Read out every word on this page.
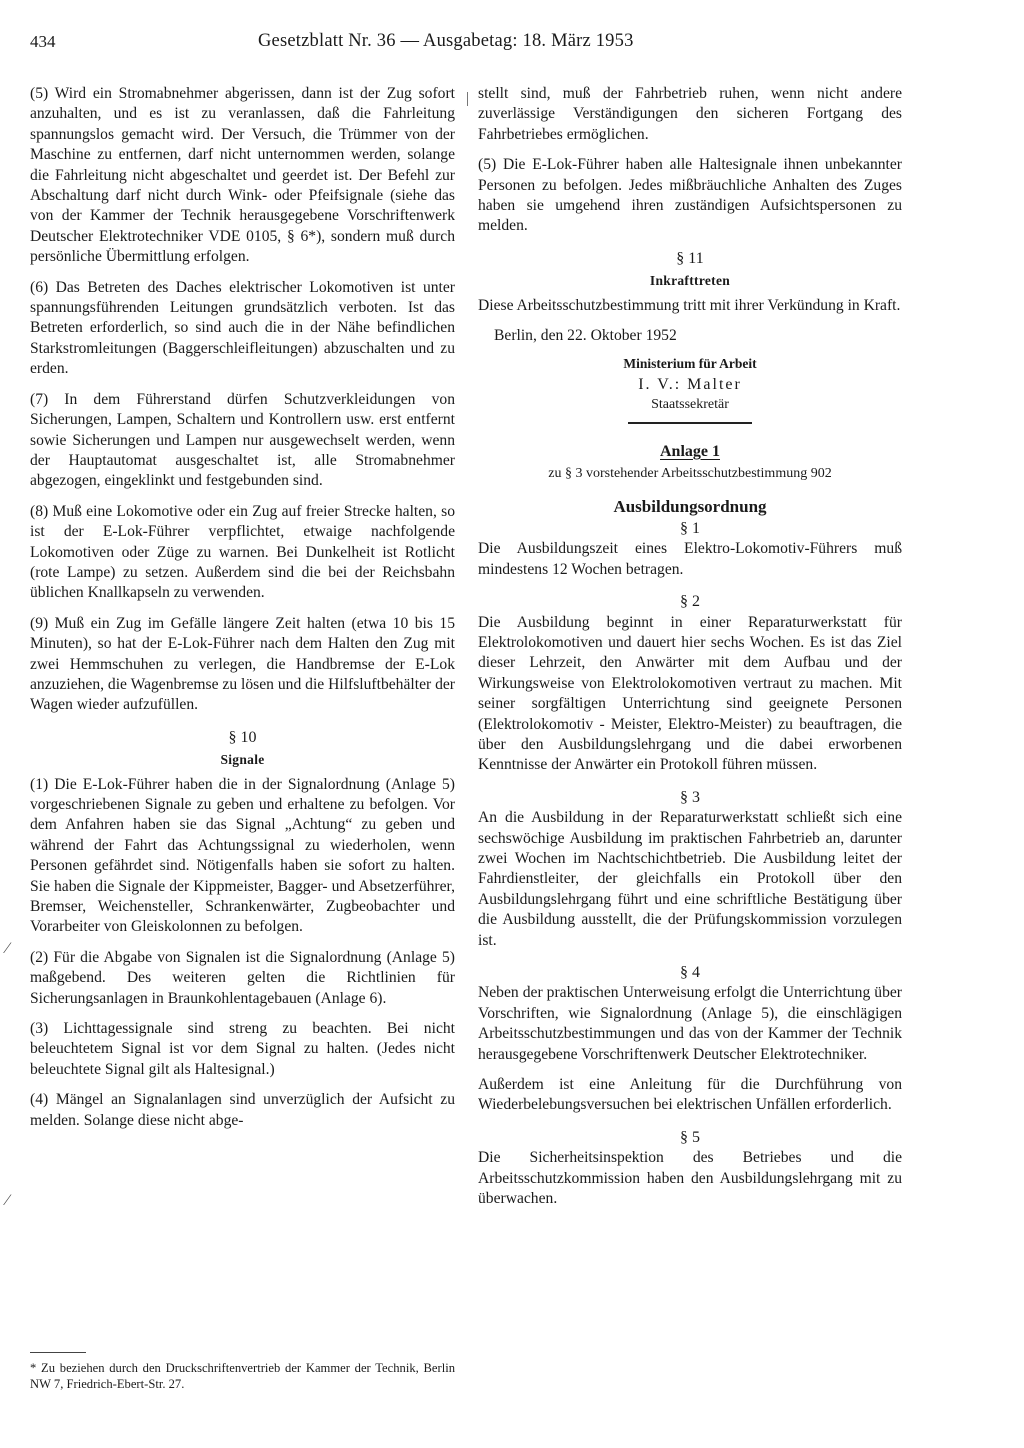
434	Gesetzblatt Nr. 36 — Ausgabetag: 18. März 1953

(5) Wird ein Stromabnehmer abgerissen, dann ist der Zug sofort anzuhalten, und es ist zu veranlassen, daß die Fahrleitung spannungslos gemacht wird. Der Versuch, die Trümmer von der Maschine zu entfernen, darf nicht unternommen werden, solange die Fahrleitung nicht abgeschaltet und geerdet ist. Der Befehl zur Abschaltung darf nicht durch Wink- oder Pfeifsignale (siehe das von der Kammer der Technik herausgegebene Vorschriftenwerk Deutscher Elektrotechniker VDE 0105, § 6*), sondern muß durch persönliche Übermittlung erfolgen.

(6) Das Betreten des Daches elektrischer Lokomotiven ist unter spannungsführenden Leitungen grundsätzlich verboten. Ist das Betreten erforderlich, so sind auch die in der Nähe befindlichen Starkstromleitungen (Baggerschleifleitungen) abzuschalten und zu erden.

(7) In dem Führerstand dürfen Schutzverkleidungen von Sicherungen, Lampen, Schaltern und Kontrollern usw. erst entfernt sowie Sicherungen und Lampen nur ausgewechselt werden, wenn der Hauptautomat ausgeschaltet ist, alle Stromabnehmer abgezogen, eingeklinkt und festgebunden sind.

(8) Muß eine Lokomotive oder ein Zug auf freier Strecke halten, so ist der E-Lok-Führer verpflichtet, etwaige nachfolgende Lokomotiven oder Züge zu warnen. Bei Dunkelheit ist Rotlicht (rote Lampe) zu setzen. Außerdem sind die bei der Reichsbahn üblichen Knallkapseln zu verwenden.

(9) Muß ein Zug im Gefälle längere Zeit halten (etwa 10 bis 15 Minuten), so hat der E-Lok-Führer nach dem Halten den Zug mit zwei Hemmschuhen zu verlegen, die Handbremse der E-Lok anzuziehen, die Wagenbremse zu lösen und die Hilfsluftbehälter der Wagen wieder aufzufüllen.

§ 10

Signale

(1) Die E-Lok-Führer haben die in der Signalordnung (Anlage 5) vorgeschriebenen Signale zu geben und erhaltene zu befolgen. Vor dem Anfahren haben sie das Signal „Achtung“ zu geben und während der Fahrt das Achtungssignal zu wiederholen, wenn Personen gefährdet sind. Nötigenfalls haben sie sofort zu halten. Sie haben die Signale der Kippmeister, Bagger- und Absetzerführer, Bremser, Weichensteller, Schrankenwärter, Zugbeobachter und Vorarbeiter von Gleiskolonnen zu befolgen.

(2) Für die Abgabe von Signalen ist die Signalordnung (Anlage 5) maßgebend. Des weiteren gelten die Richtlinien für Sicherungsanlagen in Braunkohlentagebauen (Anlage 6).

(3) Lichttagessignale sind streng zu beachten. Bei nicht beleuchtetem Signal ist vor dem Signal zu halten. (Jedes nicht beleuchtete Signal gilt als Haltesignal.)

(4) Mängel an Signalanlagen sind unverzüglich der Aufsicht zu melden. Solange diese nicht abge-

* Zu beziehen durch den Druckschriftenvertrieb der Kammer der Technik, Berlin NW 7, Friedrich-Ebert-Str. 27.

⁄
⁄

stellt sind, muß der Fahrbetrieb ruhen, wenn nicht andere zuverlässige Verständigungen den sicheren Fortgang des Fahrbetriebes ermöglichen.

(5) Die E-Lok-Führer haben alle Haltesignale ihnen unbekannter Personen zu befolgen. Jedes mißbräuchliche Anhalten des Zuges haben sie umgehend ihren zuständigen Aufsichtspersonen zu melden.

§ 11

Inkrafttreten

Diese Arbeitsschutzbestimmung tritt mit ihrer Verkündung in Kraft.

Berlin, den 22. Oktober 1952

Ministerium für Arbeit

I. V.: Malter

Staatssekretär

Anlage 1

zu § 3 vorstehender Arbeitsschutzbestimmung 902

Ausbildungsordnung

§ 1

Die Ausbildungszeit eines Elektro-Lokomotiv-Führers muß mindestens 12 Wochen betragen.

§ 2

Die Ausbildung beginnt in einer Reparaturwerkstatt für Elektrolokomotiven und dauert hier sechs Wochen. Es ist das Ziel dieser Lehrzeit, den Anwärter mit dem Aufbau und der Wirkungsweise von Elektrolokomotiven vertraut zu machen. Mit seiner sorgfältigen Unterrichtung sind geeignete Personen (Elektrolokomotiv - Meister, Elektro-Meister) zu beauftragen, die über den Ausbildungslehrgang und die dabei erworbenen Kenntnisse der Anwärter ein Protokoll führen müssen.

§ 3

An die Ausbildung in der Reparaturwerkstatt schließt sich eine sechswöchige Ausbildung im praktischen Fahrbetrieb an, darunter zwei Wochen im Nachtschichtbetrieb. Die Ausbildung leitet der Fahrdienstleiter, der gleichfalls ein Protokoll über den Ausbildungslehrgang führt und eine schriftliche Bestätigung über die Ausbildung ausstellt, die der Prüfungskommission vorzulegen ist.

§ 4

Neben der praktischen Unterweisung erfolgt die Unterrichtung über Vorschriften, wie Signalordnung (Anlage 5), die einschlägigen Arbeitsschutzbestimmungen und das von der Kammer der Technik herausgegebene Vorschriftenwerk Deutscher Elektrotechniker.

Außerdem ist eine Anleitung für die Durchführung von Wiederbelebungsversuchen bei elektrischen Unfällen erforderlich.

§ 5

Die Sicherheitsinspektion des Betriebes und die Arbeitsschutzkommission haben den Ausbildungslehrgang mit zu überwachen.
